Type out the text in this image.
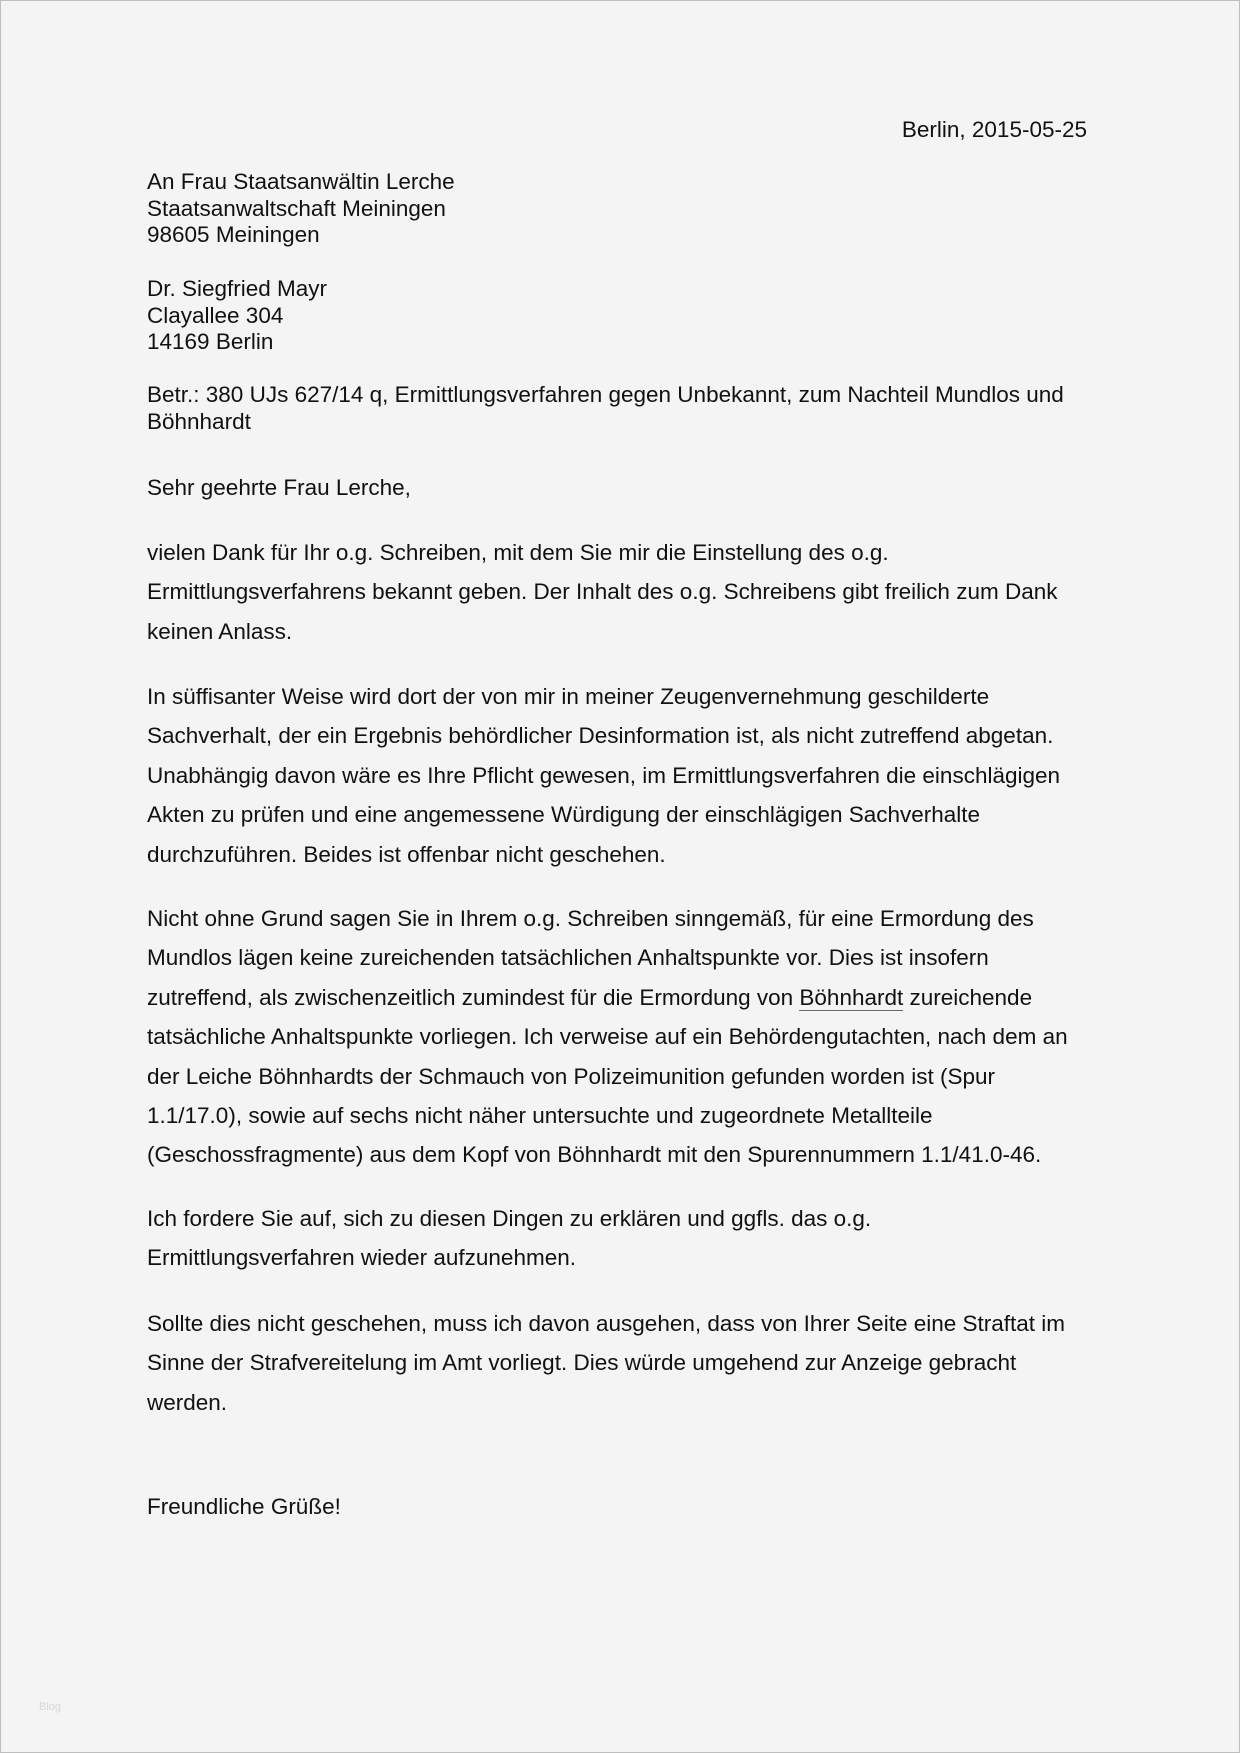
Berlin, 2015-05-25
An Frau Staatsanwältin Lerche
Staatsanwaltschaft Meiningen
98605 Meiningen
Dr. Siegfried Mayr
Clayallee 304
14169 Berlin
Betr.: 380 UJs 627/14 q, Ermittlungsverfahren gegen Unbekannt, zum Nachteil Mundlos und
Böhnhardt
Sehr geehrte Frau Lerche,
vielen Dank für Ihr o.g. Schreiben, mit dem Sie mir die Einstellung des o.g.
Ermittlungsverfahrens bekannt geben. Der Inhalt des o.g. Schreibens gibt freilich zum Dank
keinen Anlass.
In süffisanter Weise wird dort der von mir in meiner Zeugenvernehmung geschilderte
Sachverhalt, der ein Ergebnis behördlicher Desinformation ist, als nicht zutreffend abgetan.
Unabhängig davon wäre es Ihre Pflicht gewesen, im Ermittlungsverfahren die einschlägigen
Akten zu prüfen und eine angemessene Würdigung der einschlägigen Sachverhalte
durchzuführen. Beides ist offenbar nicht geschehen.
Nicht ohne Grund sagen Sie in Ihrem o.g. Schreiben sinngemäß, für eine Ermordung des
Mundlos lägen keine zureichenden tatsächlichen Anhaltspunkte vor. Dies ist insofern
zutreffend, als zwischenzeitlich zumindest für die Ermordung von Böhnhardt zureichende
tatsächliche Anhaltspunkte vorliegen. Ich verweise auf ein Behördengutachten, nach dem an
der Leiche Böhnhardts der Schmauch von Polizeimunition gefunden worden ist (Spur
1.1/17.0), sowie auf sechs nicht näher untersuchte und zugeordnete Metallteile
(Geschossfragmente) aus dem Kopf von Böhnhardt mit den Spurennummern 1.1/41.0-46.
Ich fordere Sie auf, sich zu diesen Dingen zu erklären und ggfls. das o.g.
Ermittlungsverfahren wieder aufzunehmen.
Sollte dies nicht geschehen, muss ich davon ausgehen, dass von Ihrer Seite eine Straftat im
Sinne der Strafvereitelung im Amt vorliegt. Dies würde umgehend zur Anzeige gebracht
werden.
Freundliche Grüße!
Blog
